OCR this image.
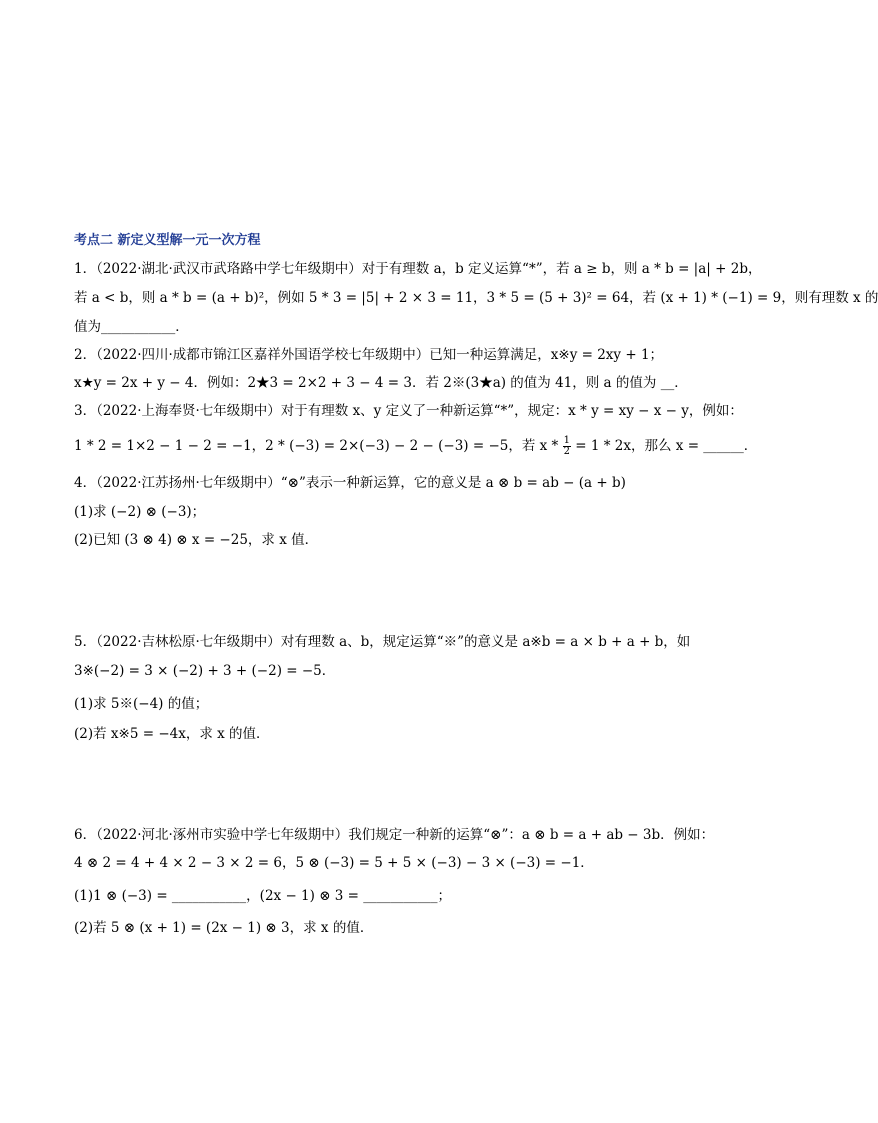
考点二 新定义型解一元一次方程
1．（2022·湖北·武汉市武珞路中学七年级期中）对于有理数 a，b 定义运算“*”，若 a ≥ b，则 a * b = |a| + 2b，
若 a < b，则 a * b = (a + b)²，例如 5 * 3 = |5| + 2 × 3 = 11，3 * 5 = (5 + 3)² = 64，若 (x + 1) * (−1) = 9，则有理数 x 的
值为___________．
2．（2022·四川·成都市锦江区嘉祥外国语学校七年级期中）已知一种运算满足，x※y = 2xy + 1；
x★y = 2x + y − 4．例如：2★3 = 2×2 + 3 − 4 = 3．若 2※(3★a) 的值为 41，则 a 的值为 __．
3．（2022·上海奉贤·七年级期中）对于有理数 x、y 定义了一种新运算“*”，规定：x * y = xy − x − y，例如：
1 * 2 = 1×2 − 1 − 2 = −1，2 * (−3) = 2×(−3) − 2 − (−3) = −5，若 $x * \frac{1}{2} = 1 * 2x$，那么 x = ______．
4．（2022·江苏扬州·七年级期中）“⊗”表示一种新运算，它的意义是 a ⊗ b = ab − (a + b)
(1)求 (−2) ⊗ (−3)；
(2)已知 (3 ⊗ 4) ⊗ x = −25，求 x 值．
5．（2022·吉林松原·七年级期中）对有理数 a、b，规定运算“※”的意义是 a※b = a × b + a + b，如
3※(−2) = 3 × (−2) + 3 + (−2) = −5．
(1)求 5※(−4) 的值；
(2)若 x※5 = −4x，求 x 的值．
6．（2022·河北·涿州市实验中学七年级期中）我们规定一种新的运算“⊗”：a ⊗ b = a + ab − 3b．例如：
4 ⊗ 2 = 4 + 4 × 2 − 3 × 2 = 6，5 ⊗ (−3) = 5 + 5 × (−3) − 3 × (−3) = −1．
(1)1 ⊗ (−3) = ___________，(2x − 1) ⊗ 3 = ___________；
(2)若 5 ⊗ (x + 1) = (2x − 1) ⊗ 3，求 x 的值．
